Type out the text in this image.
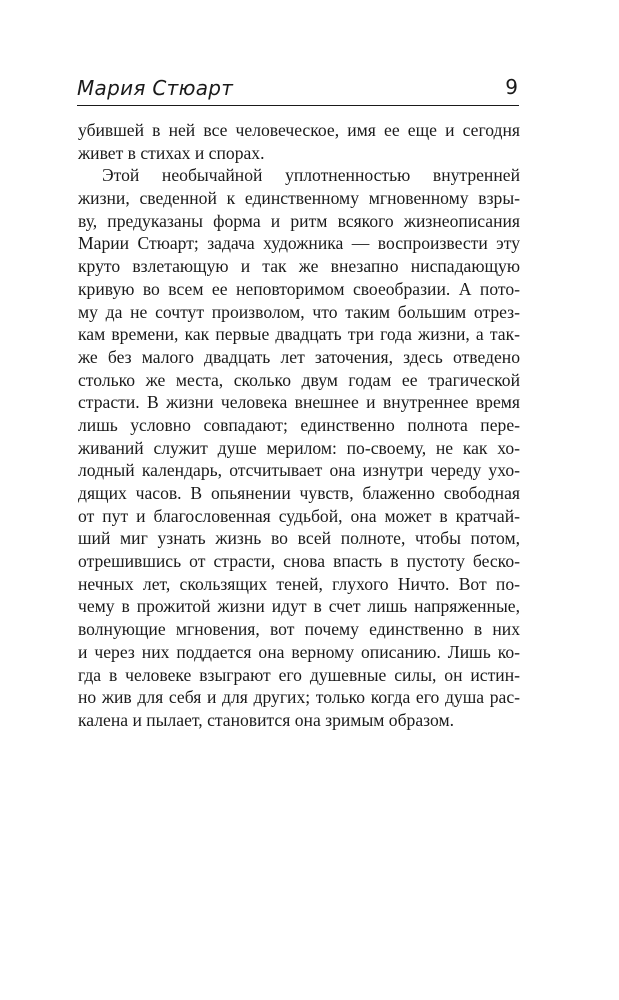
Мария Стюарт	9
убившей в ней все человеческое, имя ее еще и сегодня
живет в стихах и спорах.
Этой необычайной уплотненностью внутренней
жизни, сведенной к единственному мгновенному взры-
ву, предуказаны форма и ритм всякого жизнеописания
Марии Стюарт; задача художника — воспроизвести эту
круто взлетающую и так же внезапно ниспадающую
кривую во всем ее неповторимом своеобразии. А пото-
му да не сочтут произволом, что таким большим отрез-
кам времени, как первые двадцать три года жизни, а так-
же без малого двадцать лет заточения, здесь отведено
столько же места, сколько двум годам ее трагической
страсти. В жизни человека внешнее и внутреннее время
лишь условно совпадают; единственно полнота пере-
живаний служит душе мерилом: по-своему, не как хо-
лодный календарь, отсчитывает она изнутри череду ухо-
дящих часов. В опьянении чувств, блаженно свободная
от пут и благословенная судьбой, она может в кратчай-
ший миг узнать жизнь во всей полноте, чтобы потом,
отрешившись от страсти, снова впасть в пустоту беско-
нечных лет, скользящих теней, глухого Ничто. Вот по-
чему в прожитой жизни идут в счет лишь напряженные,
волнующие мгновения, вот почему единственно в них
и через них поддается она верному описанию. Лишь ко-
гда в человеке взыграют его душевные силы, он истин-
но жив для себя и для других; только когда его душа рас-
калена и пылает, становится она зримым образом.
